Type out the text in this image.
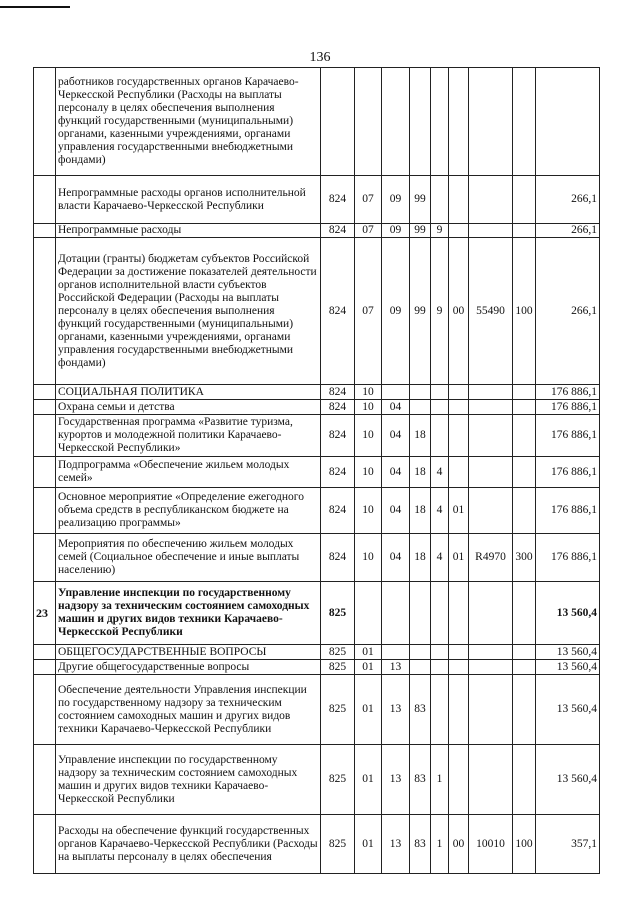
136
	работников государственных органов Карачаево-Черкесской Республики (Расходы на выплаты персоналу в целях обеспечения выполнения функций государственными (муниципальными) органами, казенными учреждениями, органами управления государственными внебюджетными фондами)									
	Непрограммные расходы органов исполнительной власти Карачаево-Черкесской Республики	824	07	09	99					266,1
	Непрограммные расходы	824	07	09	99	9				266,1
	Дотации (гранты) бюджетам субъектов Российской Федерации за достижение показателей деятельности органов исполнительной власти субъектов Российской Федерации (Расходы на выплаты персоналу в целях обеспечения выполнения функций государственными (муниципальными) органами, казенными учреждениями, органами управления государственными внебюджетными фондами)	824	07	09	99	9	00	55490	100	266,1
	СОЦИАЛЬНАЯ ПОЛИТИКА	824	10							176 886,1
	Охрана семьи и детства	824	10	04						176 886,1
	Государственная программа «Развитие туризма, курортов и молодежной политики Карачаево-Черкесской Республики»	824	10	04	18					176 886,1
	Подпрограмма «Обеспечение жильем молодых семей»	824	10	04	18	4				176 886,1
	Основное мероприятие «Определение ежегодного объема средств в республиканском бюджете на реализацию программы»	824	10	04	18	4	01			176 886,1
	Мероприятия по обеспечению жильем молодых семей (Социальное обеспечение и иные выплаты населению)	824	10	04	18	4	01	R4970	300	176 886,1
23	Управление инспекции по государственному надзору за техническим состоянием самоходных машин и других видов техники Карачаево-Черкесской Республики	825								13 560,4
	ОБЩЕГОСУДАРСТВЕННЫЕ ВОПРОСЫ	825	01							13 560,4
	Другие общегосударственные вопросы	825	01	13						13 560,4
	Обеспечение деятельности Управления инспекции по государственному надзору за техническим состоянием самоходных машин и других видов техники Карачаево-Черкесской Республики	825	01	13	83					13 560,4
	Управление инспекции по государственному надзору за техническим состоянием самоходных машин и других видов техники Карачаево-Черкесской Республики	825	01	13	83	1				13 560,4
	Расходы на обеспечение функций государственных органов Карачаево-Черкесской Республики (Расходы на выплаты персоналу в целях обеспечения	825	01	13	83	1	00	10010	100	357,1
